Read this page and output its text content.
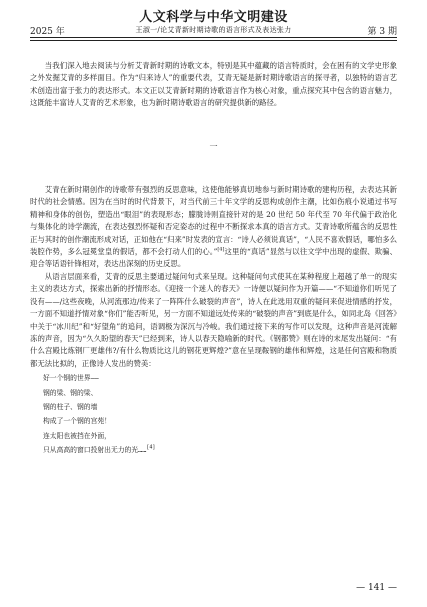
人文科学与中华文明建设
2025 年	王淑一/论艾青新时期诗歌的语言形式及表达张力	第 3 期

当我们深入地去阅读与分析艾青新时期的诗歌文本，特别是其中蕴藏的语言特质时，会在困有的文学史形象之外发掘艾青的多样面目。作为“归来诗人”的重要代表，艾青无疑是新时期诗歌语言的探寻者，以独特的语言艺术创造出富于张力的表达形式。本文正以艾青新时期的诗歌语言作为核心对象，重点探究其中包含的语言魅力，这既能丰富诗人艾青的艺术形象，也为新时期诗歌语言的研究提供新的路径。

一

艾青在新时期创作的诗歌带有强烈的反思意味，这使他能够真切地参与新时期诗歌的建构历程，去表达其新时代的社会情感。因为在当时的时代背景下，对当代前三十年文学的反思构成创作主潮，比如伤痕小说通过书写精神和身体的创伤，塑造出“眼泪”的表现形态；朦胧诗则直接针对的是 20 世纪 50 年代至 70 年代偏于政治化与集体化的诗学潮流，在表达强烈怀疑和否定姿态的过程中不断探求本真的语言方式。艾青诗歌所蕴含的反思性正与其时的创作潮流形成对话，正如他在“归来”时发表的宣言：“诗人必须说真话”，“人民不喜欢假话，哪怕多么装腔作势，多么冠冕堂皇的假话，都不会打动人们的心。”[4]这里的“真话”显然与以往文学中出现的虚假、欺骗、迎合等话语针锋相对，表达出深刻的历史反思。

从语言层面来看，艾青的反思主要通过疑问句式来呈现。这种疑问句式使其在某种程度上超越了单一的现实主义的表达方式，探索出新的抒情形态。《迎接一个迷人的春天》一诗便以疑问作为开篇——“不知道你们听见了没有——/这些夜晚，从河流那边/传来了一阵阵什么破裂的声音”，诗人在此选用双重的疑问来促进情感的抒发，一方面不知道抒情对象“你们”能否听见，另一方面不知道远处传来的“破裂的声音”到底是什么，如同北岛《回答》中关于“冰川纪”和“好望角”的追问，语调极为深沉与冷峻。我们通过接下来的写作可以发现，这种声音是河流解冻的声音，因为“久久盼望的春天”已经到来，诗人以春天隐喻新的时代。《钢都赞》则在诗的末尾发出疑问：“有什么宫殿比炼钢厂更雄伟?/有什么物质比这儿的钢花更辉煌?”意在呈现鞍钢的雄伟和辉煌，这是任何宫殿和物质都无法比拟的，正像诗人发出的赞美：

好一个钢的世界——
钢的梁、钢的梁、
钢的柱子、钢的墙
构成了一个钢的宫苑！
连太阳也被挡在外面，
只从高高的窗口投射出无力的光……[4]
— 141 —
